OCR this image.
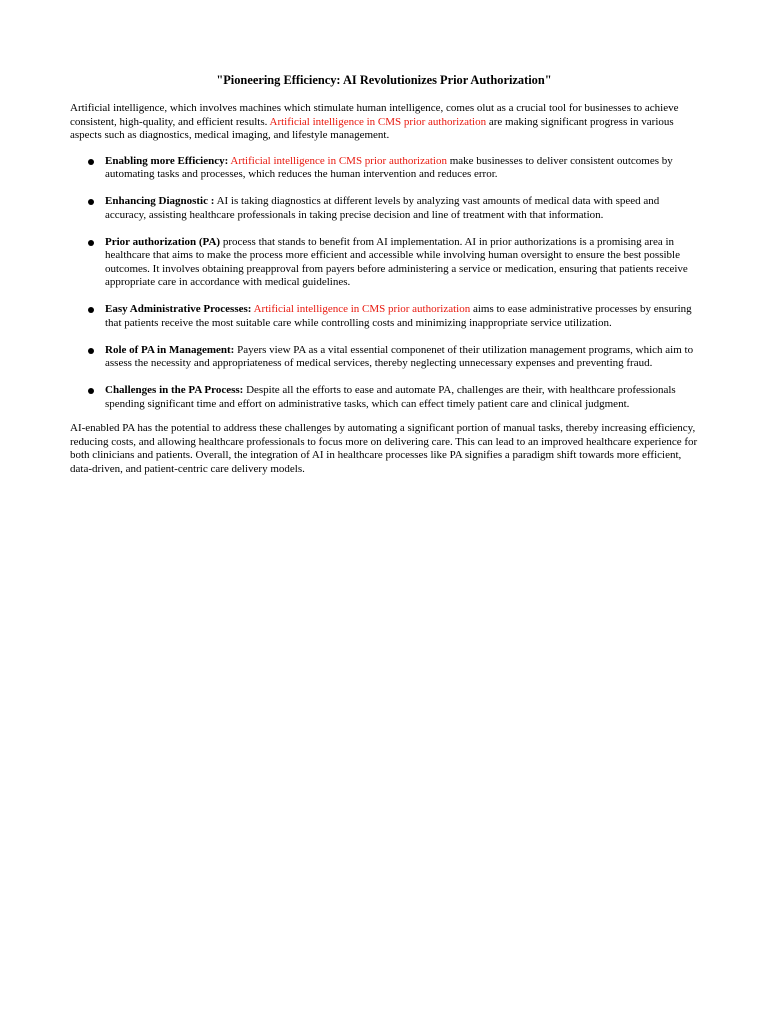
"Pioneering Efficiency: AI Revolutionizes Prior Authorization"

Artificial intelligence, which involves machines which stimulate human intelligence, comes olut as a crucial tool for businesses to achieve consistent, high-quality, and efficient results. Artificial intelligence in CMS prior authorization are making significant progress in various aspects such as diagnostics, medical imaging, and lifestyle management.

Enabling more Efficiency: Artificial intelligence in CMS prior authorization make businesses to deliver consistent outcomes by automating tasks and processes, which reduces the human intervention and reduces error.
Enhancing Diagnostic : AI is taking diagnostics at different levels by analyzing vast amounts of medical data with speed and accuracy, assisting healthcare professionals in taking precise decision and line of treatment with that information.
Prior authorization (PA) process that stands to benefit from AI implementation. AI in prior authorizations is a promising area in healthcare that aims to make the process more efficient and accessible while involving human oversight to ensure the best possible outcomes. It involves obtaining preapproval from payers before administering a service or medication, ensuring that patients receive appropriate care in accordance with medical guidelines.
Easy Administrative Processes: Artificial intelligence in CMS prior authorization aims to ease administrative processes by ensuring that patients receive the most suitable care while controlling costs and minimizing inappropriate service utilization.
Role of PA in Management: Payers view PA as a vital essential componenet of their utilization management programs, which aim to assess the necessity and appropriateness of medical services, thereby neglecting unnecessary expenses and preventing fraud.
Challenges in the PA Process: Despite all the efforts to ease and automate PA, challenges are their, with healthcare professionals spending significant time and effort on administrative tasks, which can effect timely patient care and clinical judgment.

AI-enabled PA has the potential to address these challenges by automating a significant portion of manual tasks, thereby increasing efficiency, reducing costs, and allowing healthcare professionals to focus more on delivering care. This can lead to an improved healthcare experience for both clinicians and patients. Overall, the integration of AI in healthcare processes like PA signifies a paradigm shift towards more efficient, data-driven, and patient-centric care delivery models.
